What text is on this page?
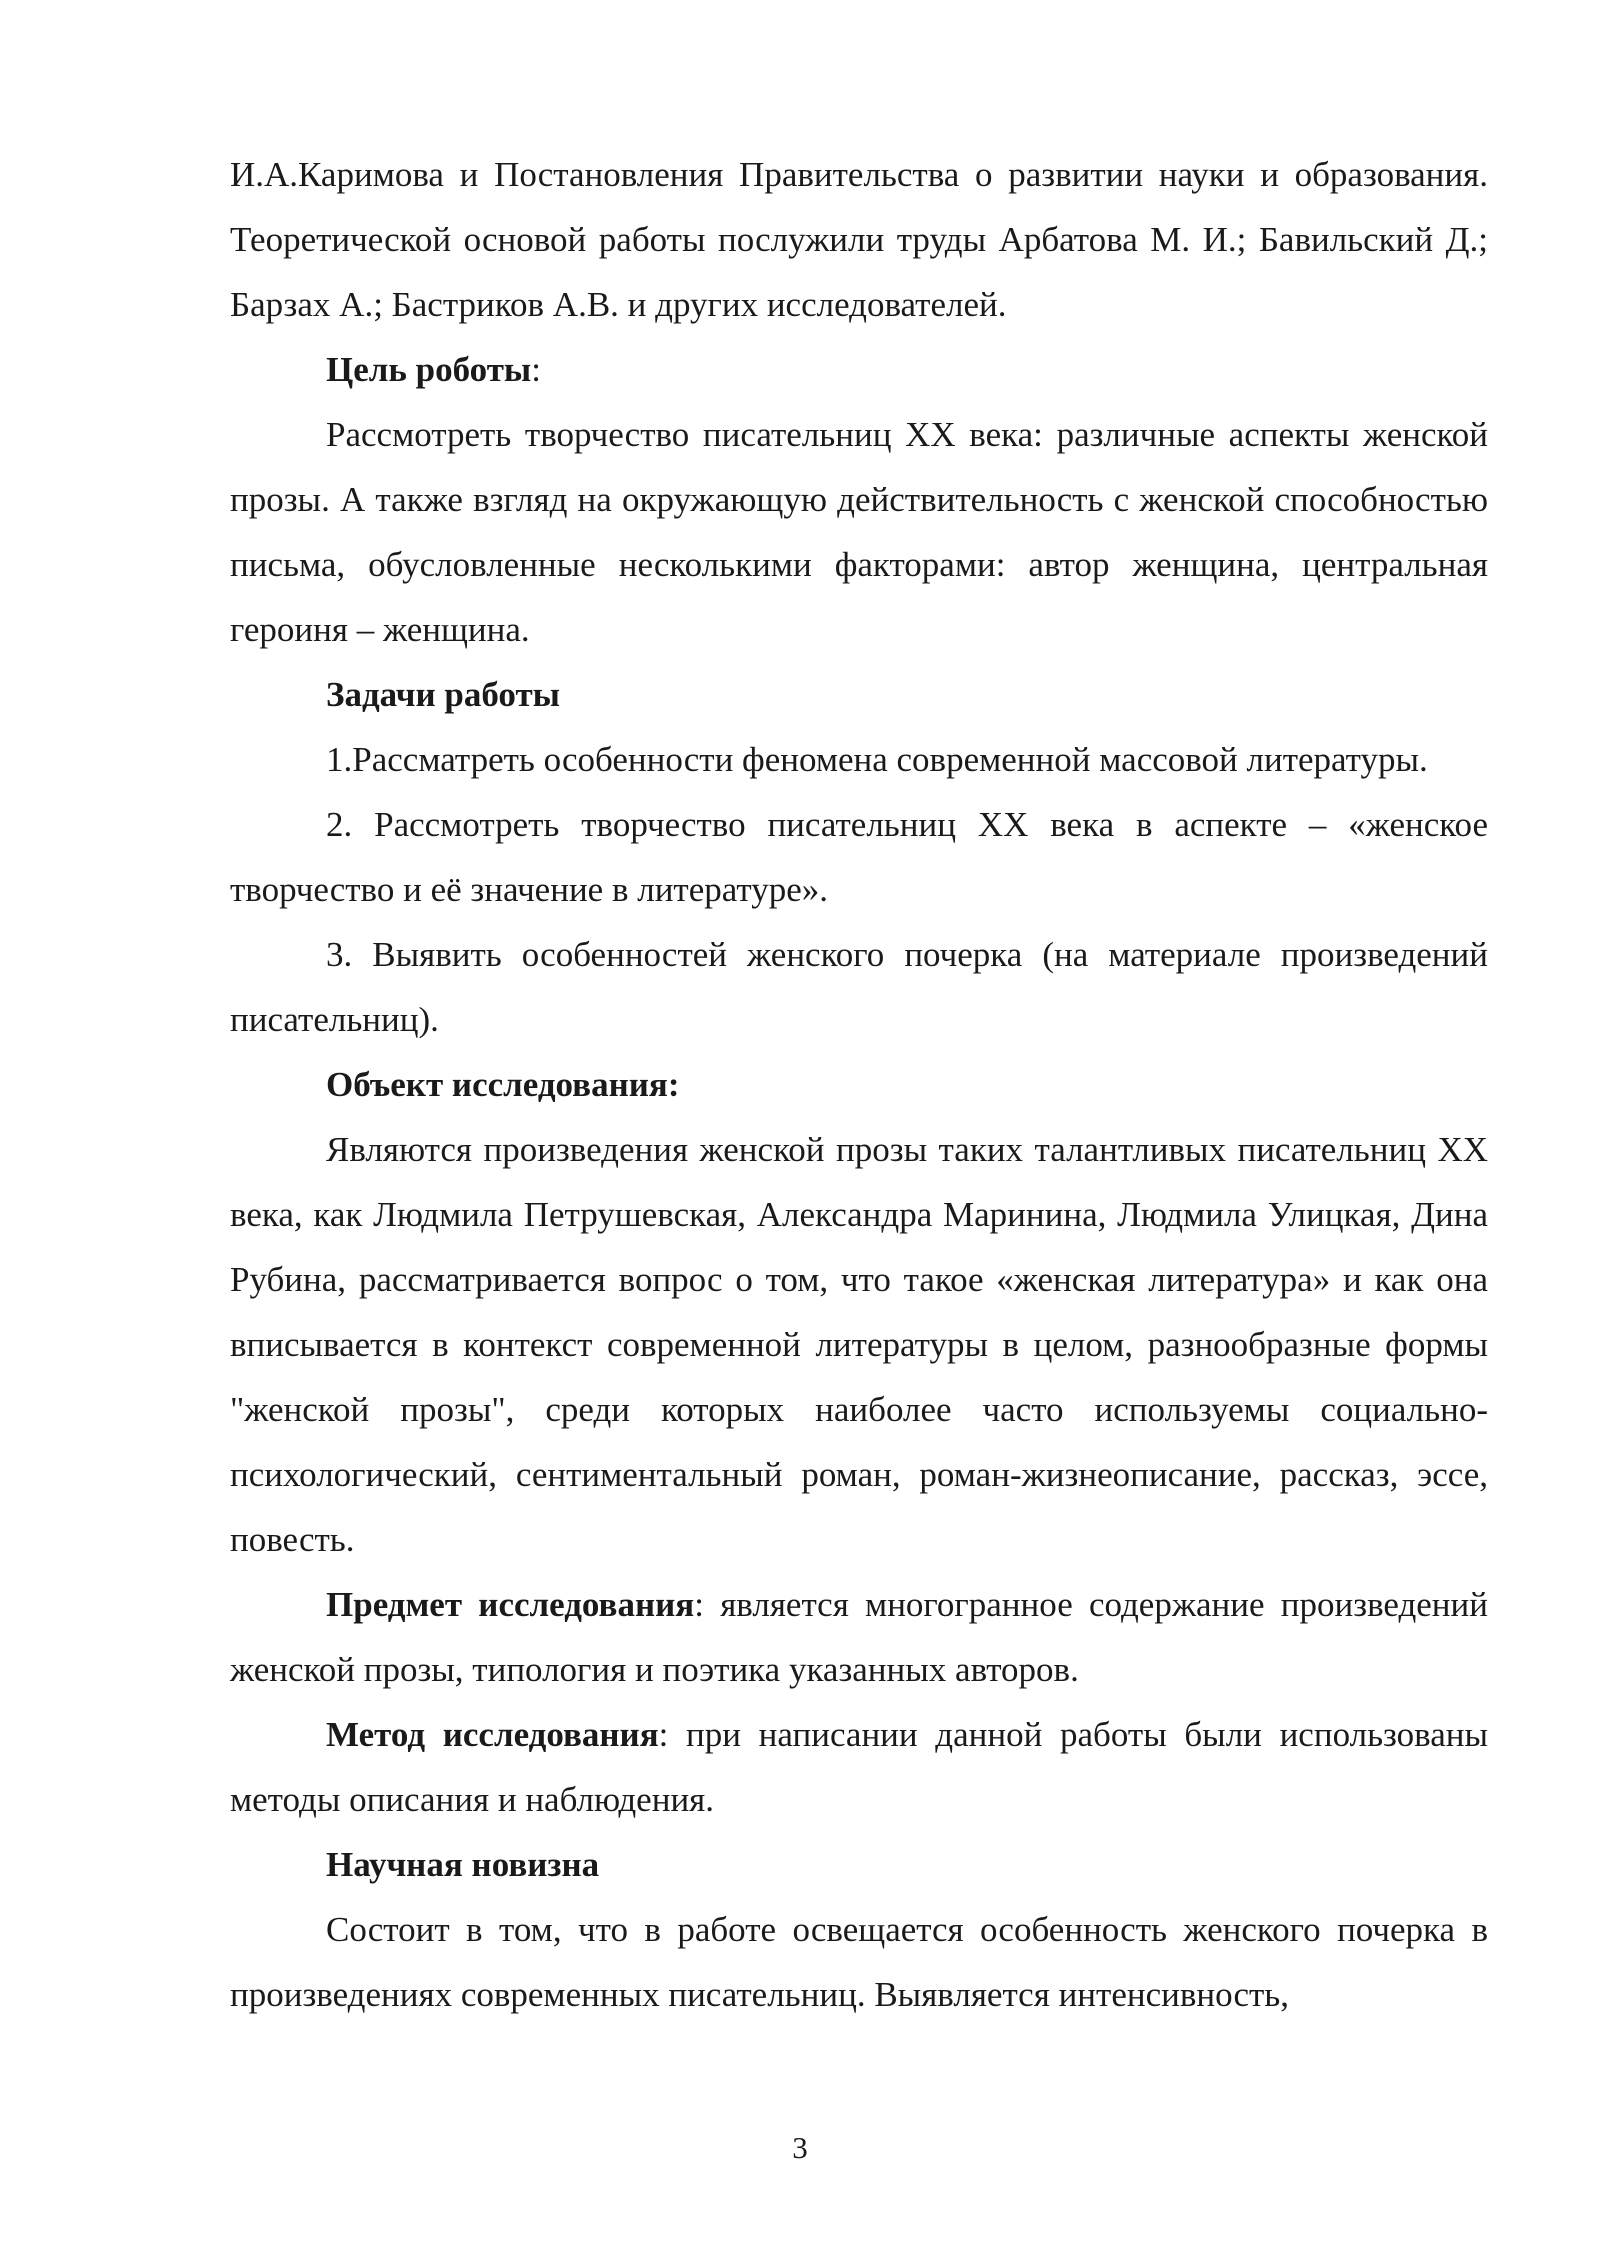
И.А.Каримова и Постановления Правительства о развитии науки и образования. Теоретической основой работы послужили труды Арбатова М. И.; Бавильский Д.; Барзах А.; Бастриков А.В. и других исследователей.

Цель роботы:

Рассмотреть творчество писательниц XX века: различные аспекты женской прозы. А также взгляд на окружающую действительность с женской способностью письма, обусловленные несколькими факторами: автор женщина, центральная героиня – женщина.

Задачи работы

1.Рассматреть особенности феномена современной массовой литературы.

2. Рассмотреть творчество писательниц XX века в аспекте – «женское творчество и её значение в литературе».

3. Выявить особенностей женского почерка (на материале произведений писательниц).

Объект исследования:

Являются произведения женской прозы таких талантливых писательниц XX века, как Людмила Петрушевская, Александра Маринина, Людмила Улицкая, Дина Рубина, рассматривается вопрос о том, что такое «женская литература» и как она вписывается в контекст современной литературы в целом, разнообразные формы "женской прозы", среди которых наиболее часто используемы социально-психологический, сентиментальный роман, роман-жизнеописание, рассказ, эссе, повесть.

Предмет исследования: является многогранное содержание произведений женской прозы, типология и поэтика указанных авторов.

Метод исследования: при написании данной работы были использованы методы описания и наблюдения.

Научная новизна

Состоит в том, что в работе освещается особенность женского почерка в произведениях современных писательниц. Выявляется интенсивность,

3
